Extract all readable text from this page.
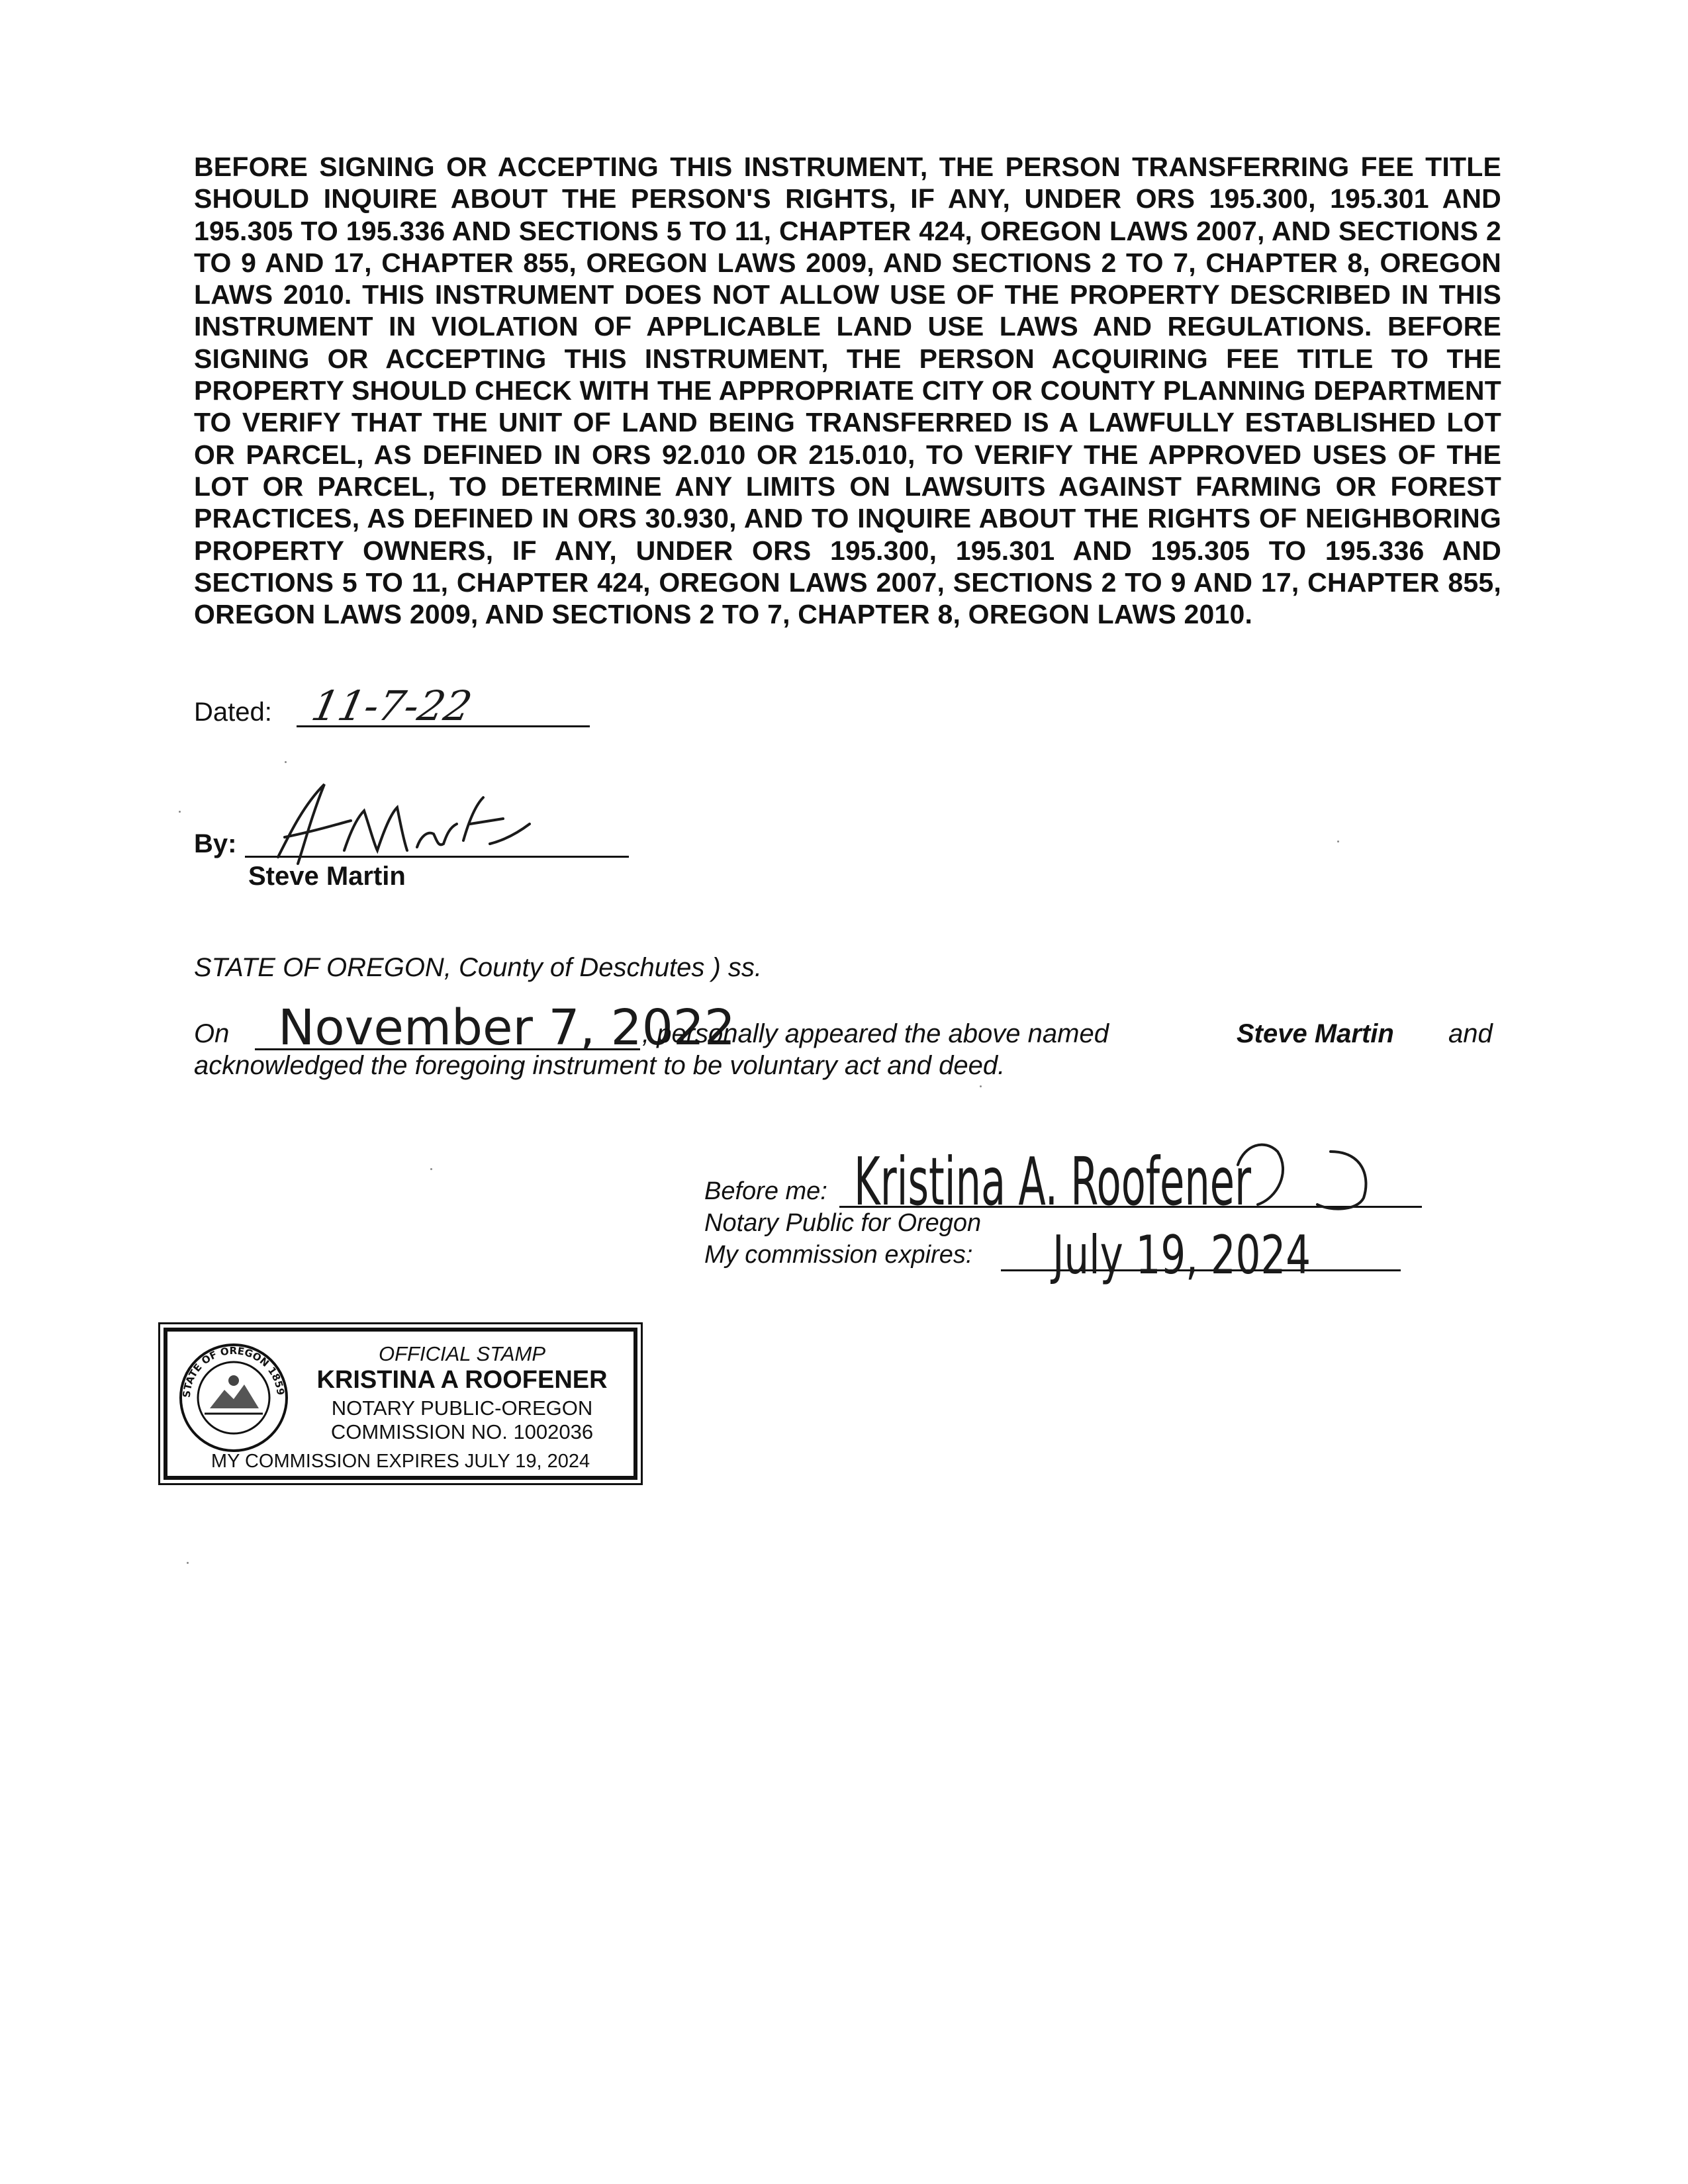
BEFORE SIGNING OR ACCEPTING THIS INSTRUMENT, THE PERSON TRANSFERRING FEE TITLE SHOULD INQUIRE ABOUT THE PERSON'S RIGHTS, IF ANY, UNDER ORS 195.300, 195.301 AND 195.305 TO 195.336 AND SECTIONS 5 TO 11, CHAPTER 424, OREGON LAWS 2007, AND SECTIONS 2 TO 9 AND 17, CHAPTER 855, OREGON LAWS 2009, AND SECTIONS 2 TO 7, CHAPTER 8, OREGON LAWS 2010. THIS INSTRUMENT DOES NOT ALLOW USE OF THE PROPERTY DESCRIBED IN THIS INSTRUMENT IN VIOLATION OF APPLICABLE LAND USE LAWS AND REGULATIONS. BEFORE SIGNING OR ACCEPTING THIS INSTRUMENT, THE PERSON ACQUIRING FEE TITLE TO THE PROPERTY SHOULD CHECK WITH THE APPROPRIATE CITY OR COUNTY PLANNING DEPARTMENT TO VERIFY THAT THE UNIT OF LAND BEING TRANSFERRED IS A LAWFULLY ESTABLISHED LOT OR PARCEL, AS DEFINED IN ORS 92.010 OR 215.010, TO VERIFY THE APPROVED USES OF THE LOT OR PARCEL, TO DETERMINE ANY LIMITS ON LAWSUITS AGAINST FARMING OR FOREST PRACTICES, AS DEFINED IN ORS 30.930, AND TO INQUIRE ABOUT THE RIGHTS OF NEIGHBORING PROPERTY OWNERS, IF ANY, UNDER ORS 195.300, 195.301 AND 195.305 TO 195.336 AND SECTIONS 5 TO 11, CHAPTER 424, OREGON LAWS 2007, SECTIONS 2 TO 9 AND 17, CHAPTER 855, OREGON LAWS 2009, AND SECTIONS 2 TO 7, CHAPTER 8, OREGON LAWS 2010.
Dated: 11-7-22
By:
Steve Martin
STATE OF OREGON, County of Deschutes ) ss.
On November 7, 2022
, personally appeared the above named	Steve Martin and
acknowledged the foregoing instrument to be voluntary act and deed.
Before me:
Notary Public for Oregon
My commission expires:
Kristina A. Roofener
July 19, 2024
STATE OF OREGON 1859
OFFICIAL STAMP
KRISTINA A ROOFENER
NOTARY PUBLIC-OREGON
COMMISSION NO. 1002036
MY COMMISSION EXPIRES JULY 19, 2024
